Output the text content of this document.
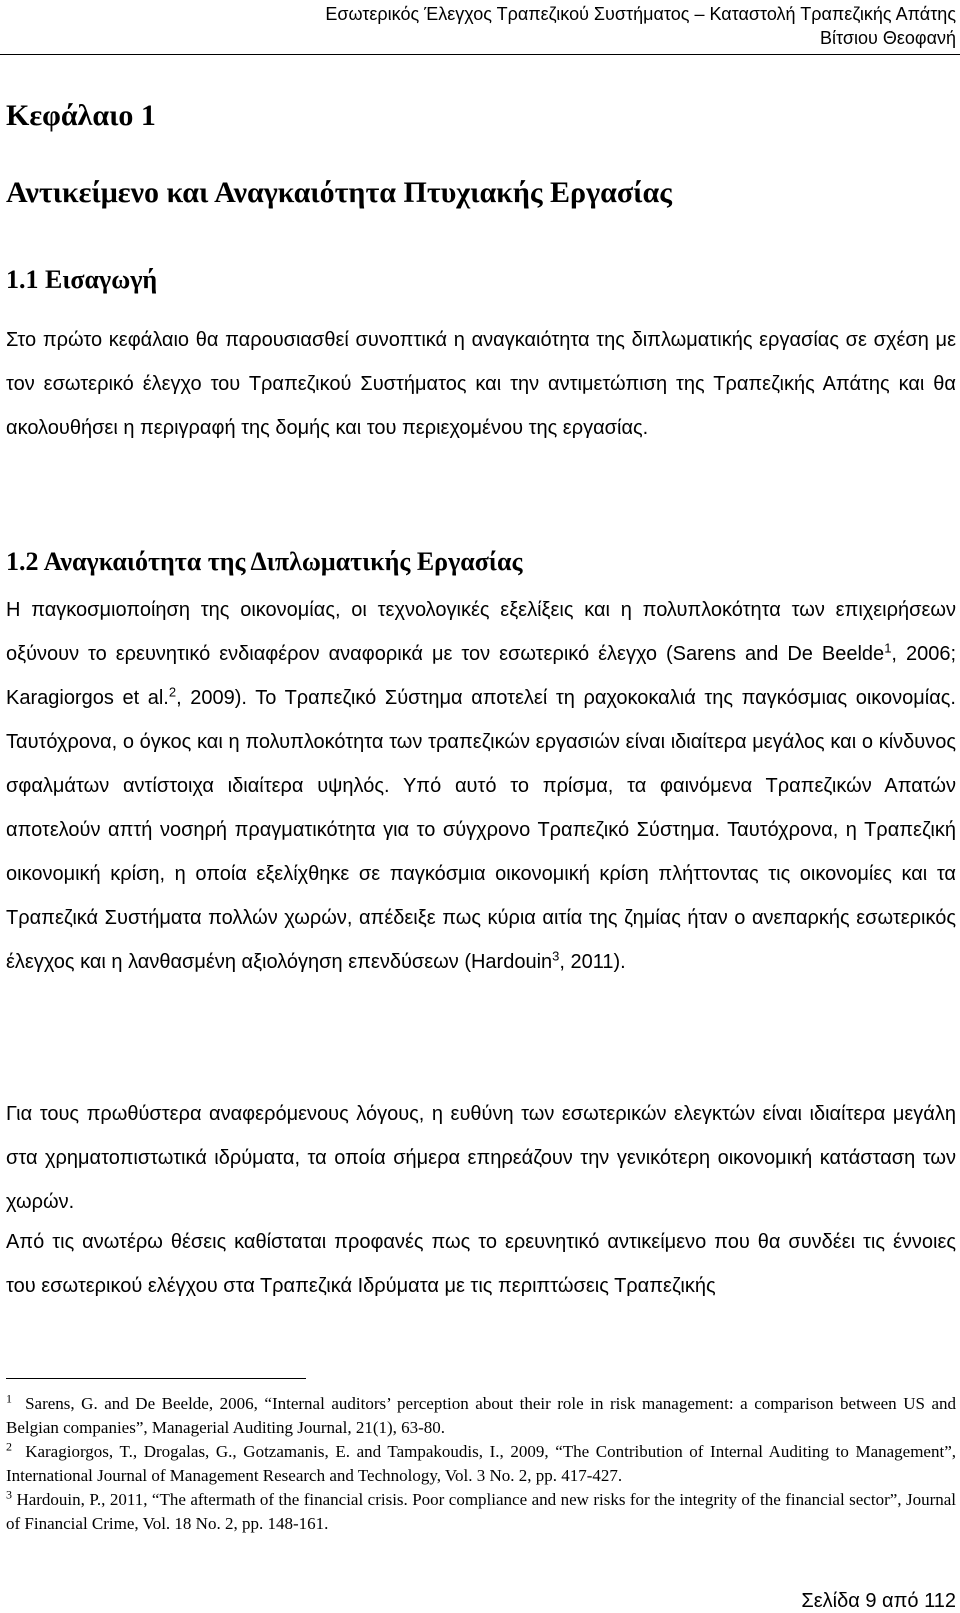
Εσωτερικός Έλεγχος Τραπεζικού Συστήματος – Καταστολή Τραπεζικής Απάτης
Βίτσιου Θεοφανή
Κεφάλαιο 1
Αντικείμενο και Αναγκαιότητα Πτυχιακής Εργασίας
1.1 Εισαγωγή

Στο πρώτο κεφάλαιο θα παρουσιασθεί συνοπτικά η αναγκαιότητα της διπλωματικής εργασίας σε σχέση με τον εσωτερικό έλεγχο του Τραπεζικού Συστήματος και την αντιμετώπιση της Τραπεζικής Απάτης και θα ακολουθήσει η περιγραφή της δομής και του περιεχομένου της εργασίας.

1.2 Αναγκαιότητα της Διπλωματικής Εργασίας

Η παγκοσμιοποίηση της οικονομίας, οι τεχνολογικές εξελίξεις και η πολυπλοκότητα των επιχειρήσεων οξύνουν το ερευνητικό ενδιαφέρον αναφορικά με τον εσωτερικό έλεγχο (Sarens and De Beelde$^1$, 2006; Karagiorgos et al.$^2$, 2009). Το Τραπεζικό Σύστημα αποτελεί τη ραχοκοκαλιά της παγκόσμιας οικονομίας. Ταυτόχρονα, ο όγκος και η πολυπλοκότητα των τραπεζικών εργασιών είναι ιδιαίτερα μεγάλος και ο κίνδυνος σφαλμάτων αντίστοιχα ιδιαίτερα υψηλός. Υπό αυτό το πρίσμα, τα φαινόμενα Τραπεζικών Απατών αποτελούν απτή νοσηρή πραγματικότητα για το σύγχρονο Τραπεζικό Σύστημα. Ταυτόχρονα, η Τραπεζική οικονομική κρίση, η οποία εξελίχθηκε σε παγκόσμια οικονομική κρίση πλήττοντας τις οικονομίες και τα Τραπεζικά Συστήματα πολλών χωρών, απέδειξε πως κύρια αιτία της ζημίας ήταν ο ανεπαρκής εσωτερικός έλεγχος και η λανθασμένη αξιολόγηση επενδύσεων (Hardouin$^3$, 2011).

Για τους πρωθύστερα αναφερόμενους λόγους, η ευθύνη των εσωτερικών ελεγκτών είναι ιδιαίτερα μεγάλη στα χρηματοπιστωτικά ιδρύματα, τα οποία σήμερα επηρεάζουν την γενικότερη οικονομική κατάσταση των χωρών.

Από τις ανωτέρω θέσεις καθίσταται προφανές πως το ερευνητικό αντικείμενο που θα συνδέει τις έννοιες του εσωτερικού ελέγχου στα Τραπεζικά Ιδρύματα με τις περιπτώσεις Τραπεζικής

$^1$ Sarens, G. and De Beelde, 2006, “Internal auditors’ perception about their role in risk management: a comparison between US and Belgian companies”, Managerial Auditing Journal, 21(1), 63-80.

$^2$ Karagiorgos, T., Drogalas, G., Gotzamanis, E. and Tampakoudis, I., 2009, “The Contribution of Internal Auditing to Management”, International Journal of Management Research and Technology, Vol. 3 No. 2, pp. 417-427.

$^3$ Hardouin, P., 2011, “The aftermath of the financial crisis. Poor compliance and new risks for the integrity of the financial sector”, Journal of Financial Crime, Vol. 18 No. 2, pp. 148-161.

Σελίδα 9 από 112
